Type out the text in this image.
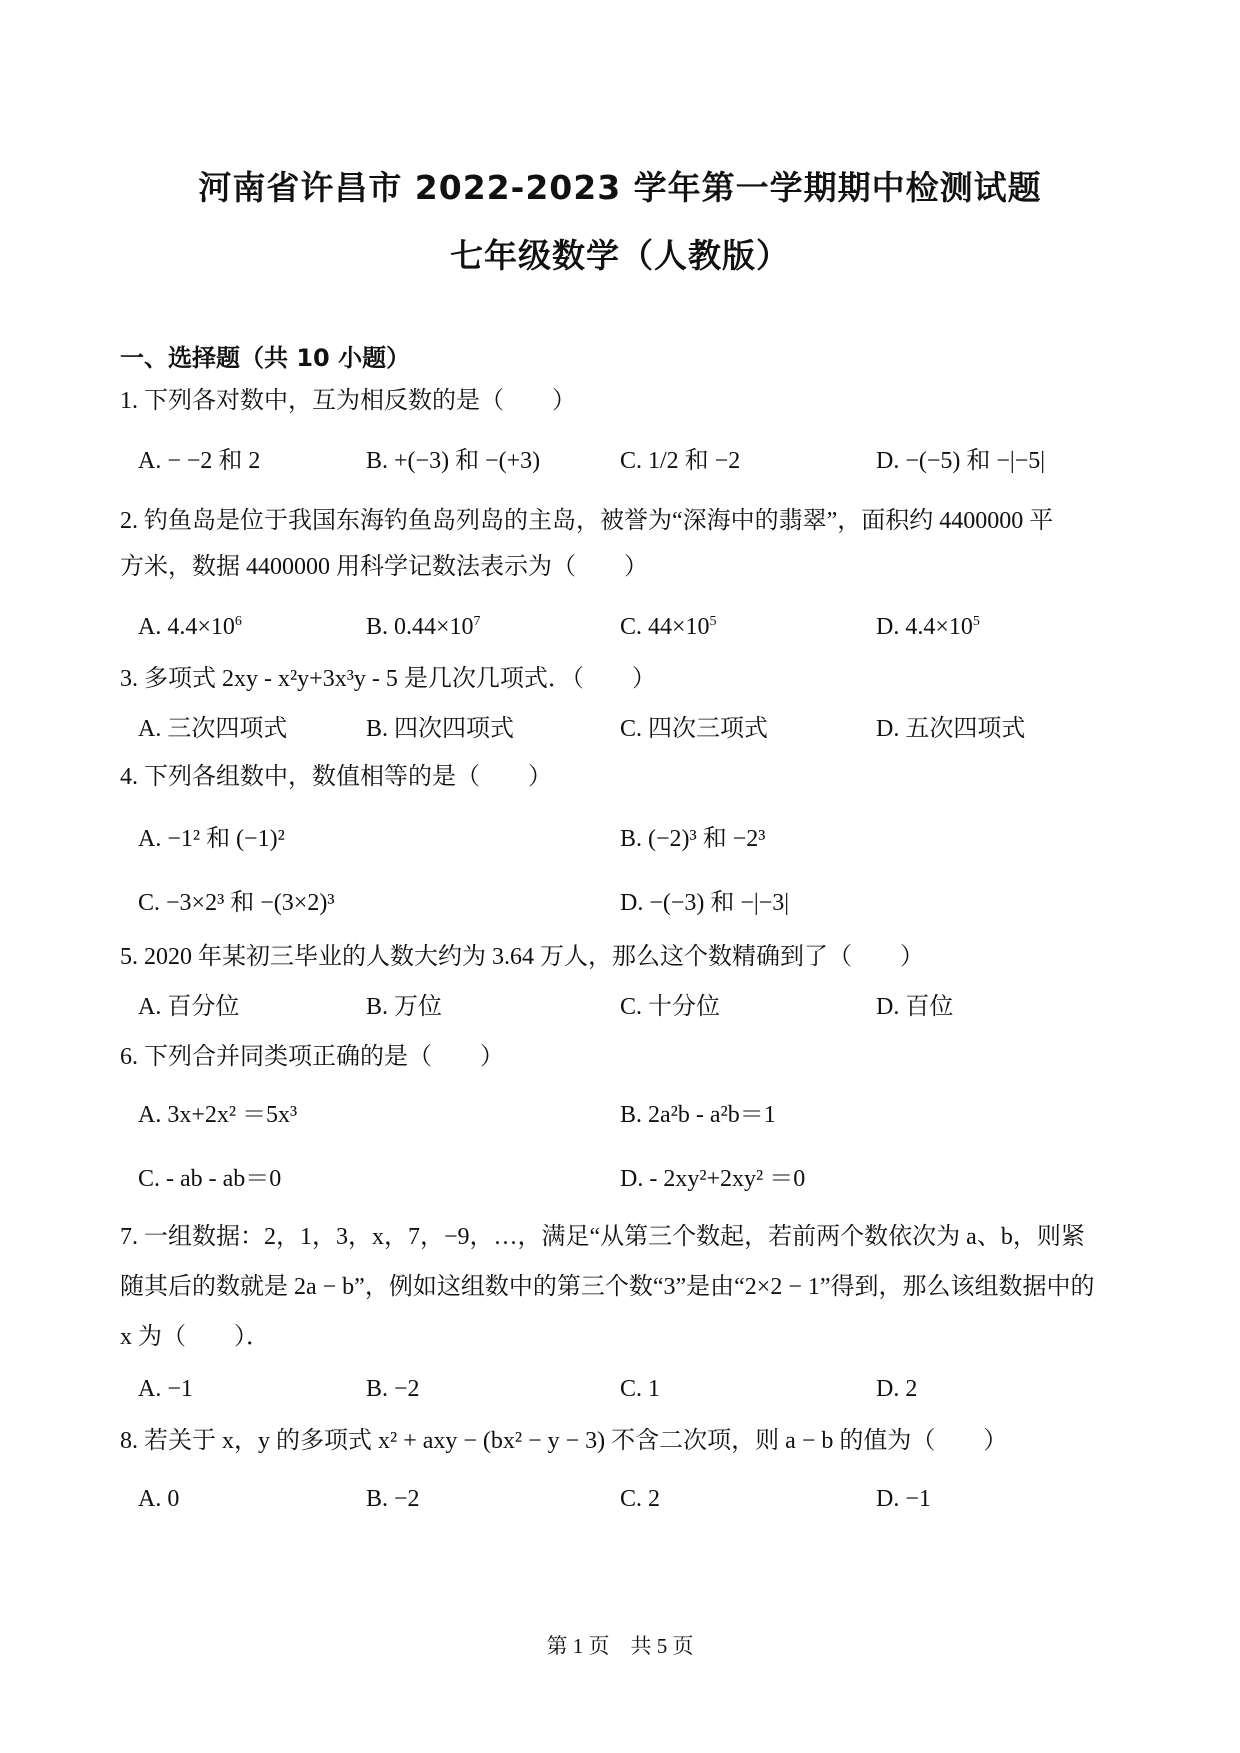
河南省许昌市 2022-2023 学年第一学期期中检测试题
七年级数学（人教版）
一、选择题（共 10 小题）
1. 下列各对数中，互为相反数的是（　　）
A. − −2 和 2	B. +(−3) 和 −(+3)	C. 1/2 和 −2	D. −(−5) 和 −|−5|
2. 钓鱼岛是位于我国东海钓鱼岛列岛的主岛，被誉为“深海中的翡翠”，面积约 4400000 平
方米，数据 4400000 用科学记数法表示为（　　）
A. $4.4\times 10^6$	B. $0.44\times 10^7$	C. $44\times 10^5$	D. $4.4\times 10^5$
3. 多项式 2xy - x²y+3x³y - 5 是几次几项式．（　　）
A. 三次四项式	B. 四次四项式	C. 四次三项式	D. 五次四项式
4. 下列各组数中，数值相等的是（　　）
A. −1² 和 (−1)²	B. (−2)³ 和 −2³
C. −3×2³ 和 −(3×2)³	D. −(−3) 和 −|−3|
5. 2020 年某初三毕业的人数大约为 3.64 万人，那么这个数精确到了（　　）
A. 百分位	B. 万位	C. 十分位	D. 百位
6. 下列合并同类项正确的是（　　）
A. 3x+2x² ＝5x³	B. 2a²b - a²b＝1
C. - ab - ab＝0	D. - 2xy²+2xy² ＝0
7. 一组数据：2，1，3，x，7，−9，…，满足“从第三个数起，若前两个数依次为 a、b，则紧
随其后的数就是 2a − b”，例如这组数中的第三个数“3”是由“2×2 − 1”得到，那么该组数据中的
x 为（　　）．
A. −1	B. −2	C. 1	D. 2
8. 若关于 x，y 的多项式 x² + axy − (bx² − y − 3) 不含二次项，则 a − b 的值为（　　）
A. 0	B. −2	C. 2	D. −1
第 1 页　共 5 页
